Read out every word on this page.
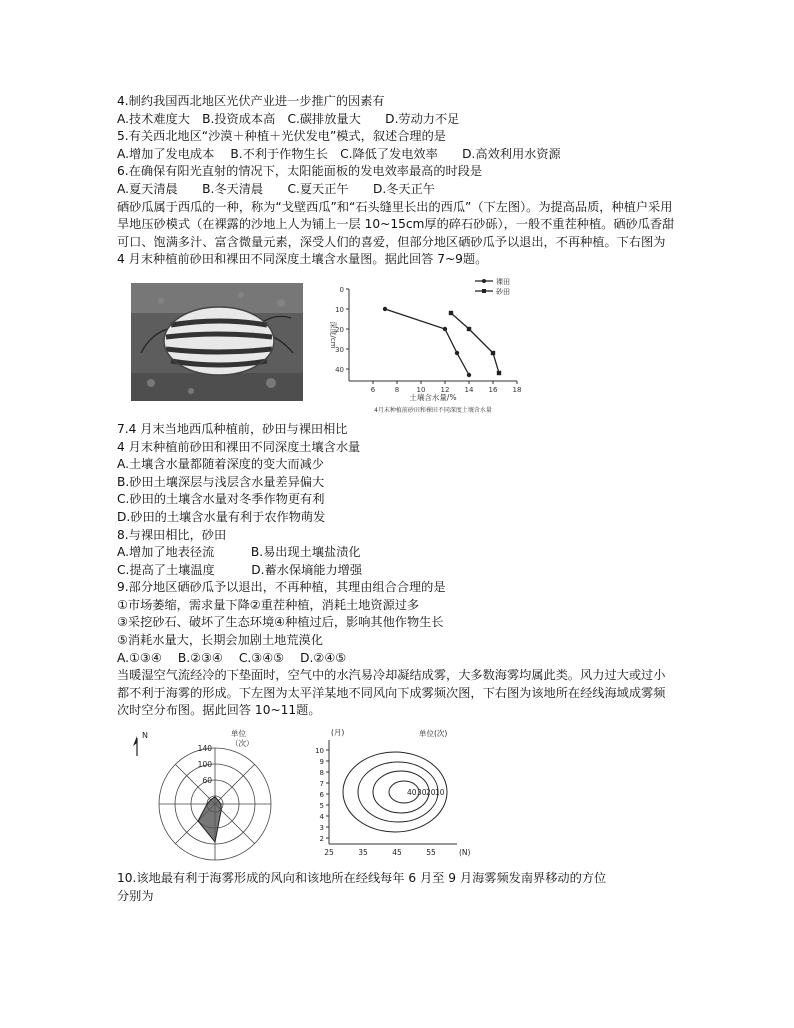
4.制约我国西北地区光伏产业进一步推广的因素有

A.技术难度大　B.投资成本高　C.碳排放量大　　D.劳动力不足

5.有关西北地区“沙漠＋种植＋光伏发电”模式，叙述合理的是

A.增加了发电成本　 B.不利于作物生长　C.降低了发电效率　　D.高效利用水资源

6.在确保有阳光直射的情况下，太阳能面板的发电效率最高的时段是

A.夏天清晨　　B.冬天清晨　　C.夏天正午　　D.冬天正午

硒砂瓜属于西瓜的一种，称为“戈壁西瓜”和“石头缝里长出的西瓜”（下左图）。为提高品质，种植户采用旱地压砂模式（在裸露的沙地上人为铺上一层 10~15cm厚的碎石砂砾），一般不重茬种植。硒砂瓜香甜可口、饱满多汁、富含微量元素，深受人们的喜爱，但部分地区硒砂瓜予以退出，不再种植。下右图为 4 月末种植前砂田和裸田不同深度土壤含水量图。据此回答 7~9题。

0
10
20
30
40
6	8 10 12 14 16 18
深度/cm
土壤含水量/%
4月末种植前砂田和裸田不同深度土壤含水量
裸田
砂田

7.4 月末当地西瓜种植前，砂田与裸田相比

4 月末种植前砂田和裸田不同深度土壤含水量

A.土壤含水量都随着深度的变大而减少

B.砂田土壤深层与浅层含水量差异偏大

C.砂田的土壤含水量对冬季作物更有利

D.砂田的土壤含水量有利于农作物萌发

8.与裸田相比，砂田

A.增加了地表径流　　　B.易出现土壤盐渍化

C.提高了土壤温度　　　D.蓄水保墒能力增强

9.部分地区硒砂瓜予以退出，不再种植，其理由组合合理的是

①市场萎缩，需求量下降②重茬种植，消耗土地资源过多

③采挖砂石、破坏了生态环境④种植过后，影响其他作物生长

⑤消耗水量大，长期会加剧土地荒漠化

A.①③④　 B.②③④　 C.③④⑤　 D.②④⑤

当暖湿空气流经冷的下垫面时，空气中的水汽易冷却凝结成雾，大多数海雾均属此类。风力过大或过小都不利于海雾的形成。下左图为太平洋某地不同风向下成雾频次图，下右图为该地所在经线海域成雾频次时空分布图。据此回答 10~11题。

N	单位
（次）
60
100
140
(月)	单位(次)
2
3
4
5
6
7
8
9
10
25	35	45	55	(N)
10
20
30
40

10.该地最有利于海雾形成的风向和该地所在经线每年 6 月至 9 月海雾频发南界移动的方位

分别为
